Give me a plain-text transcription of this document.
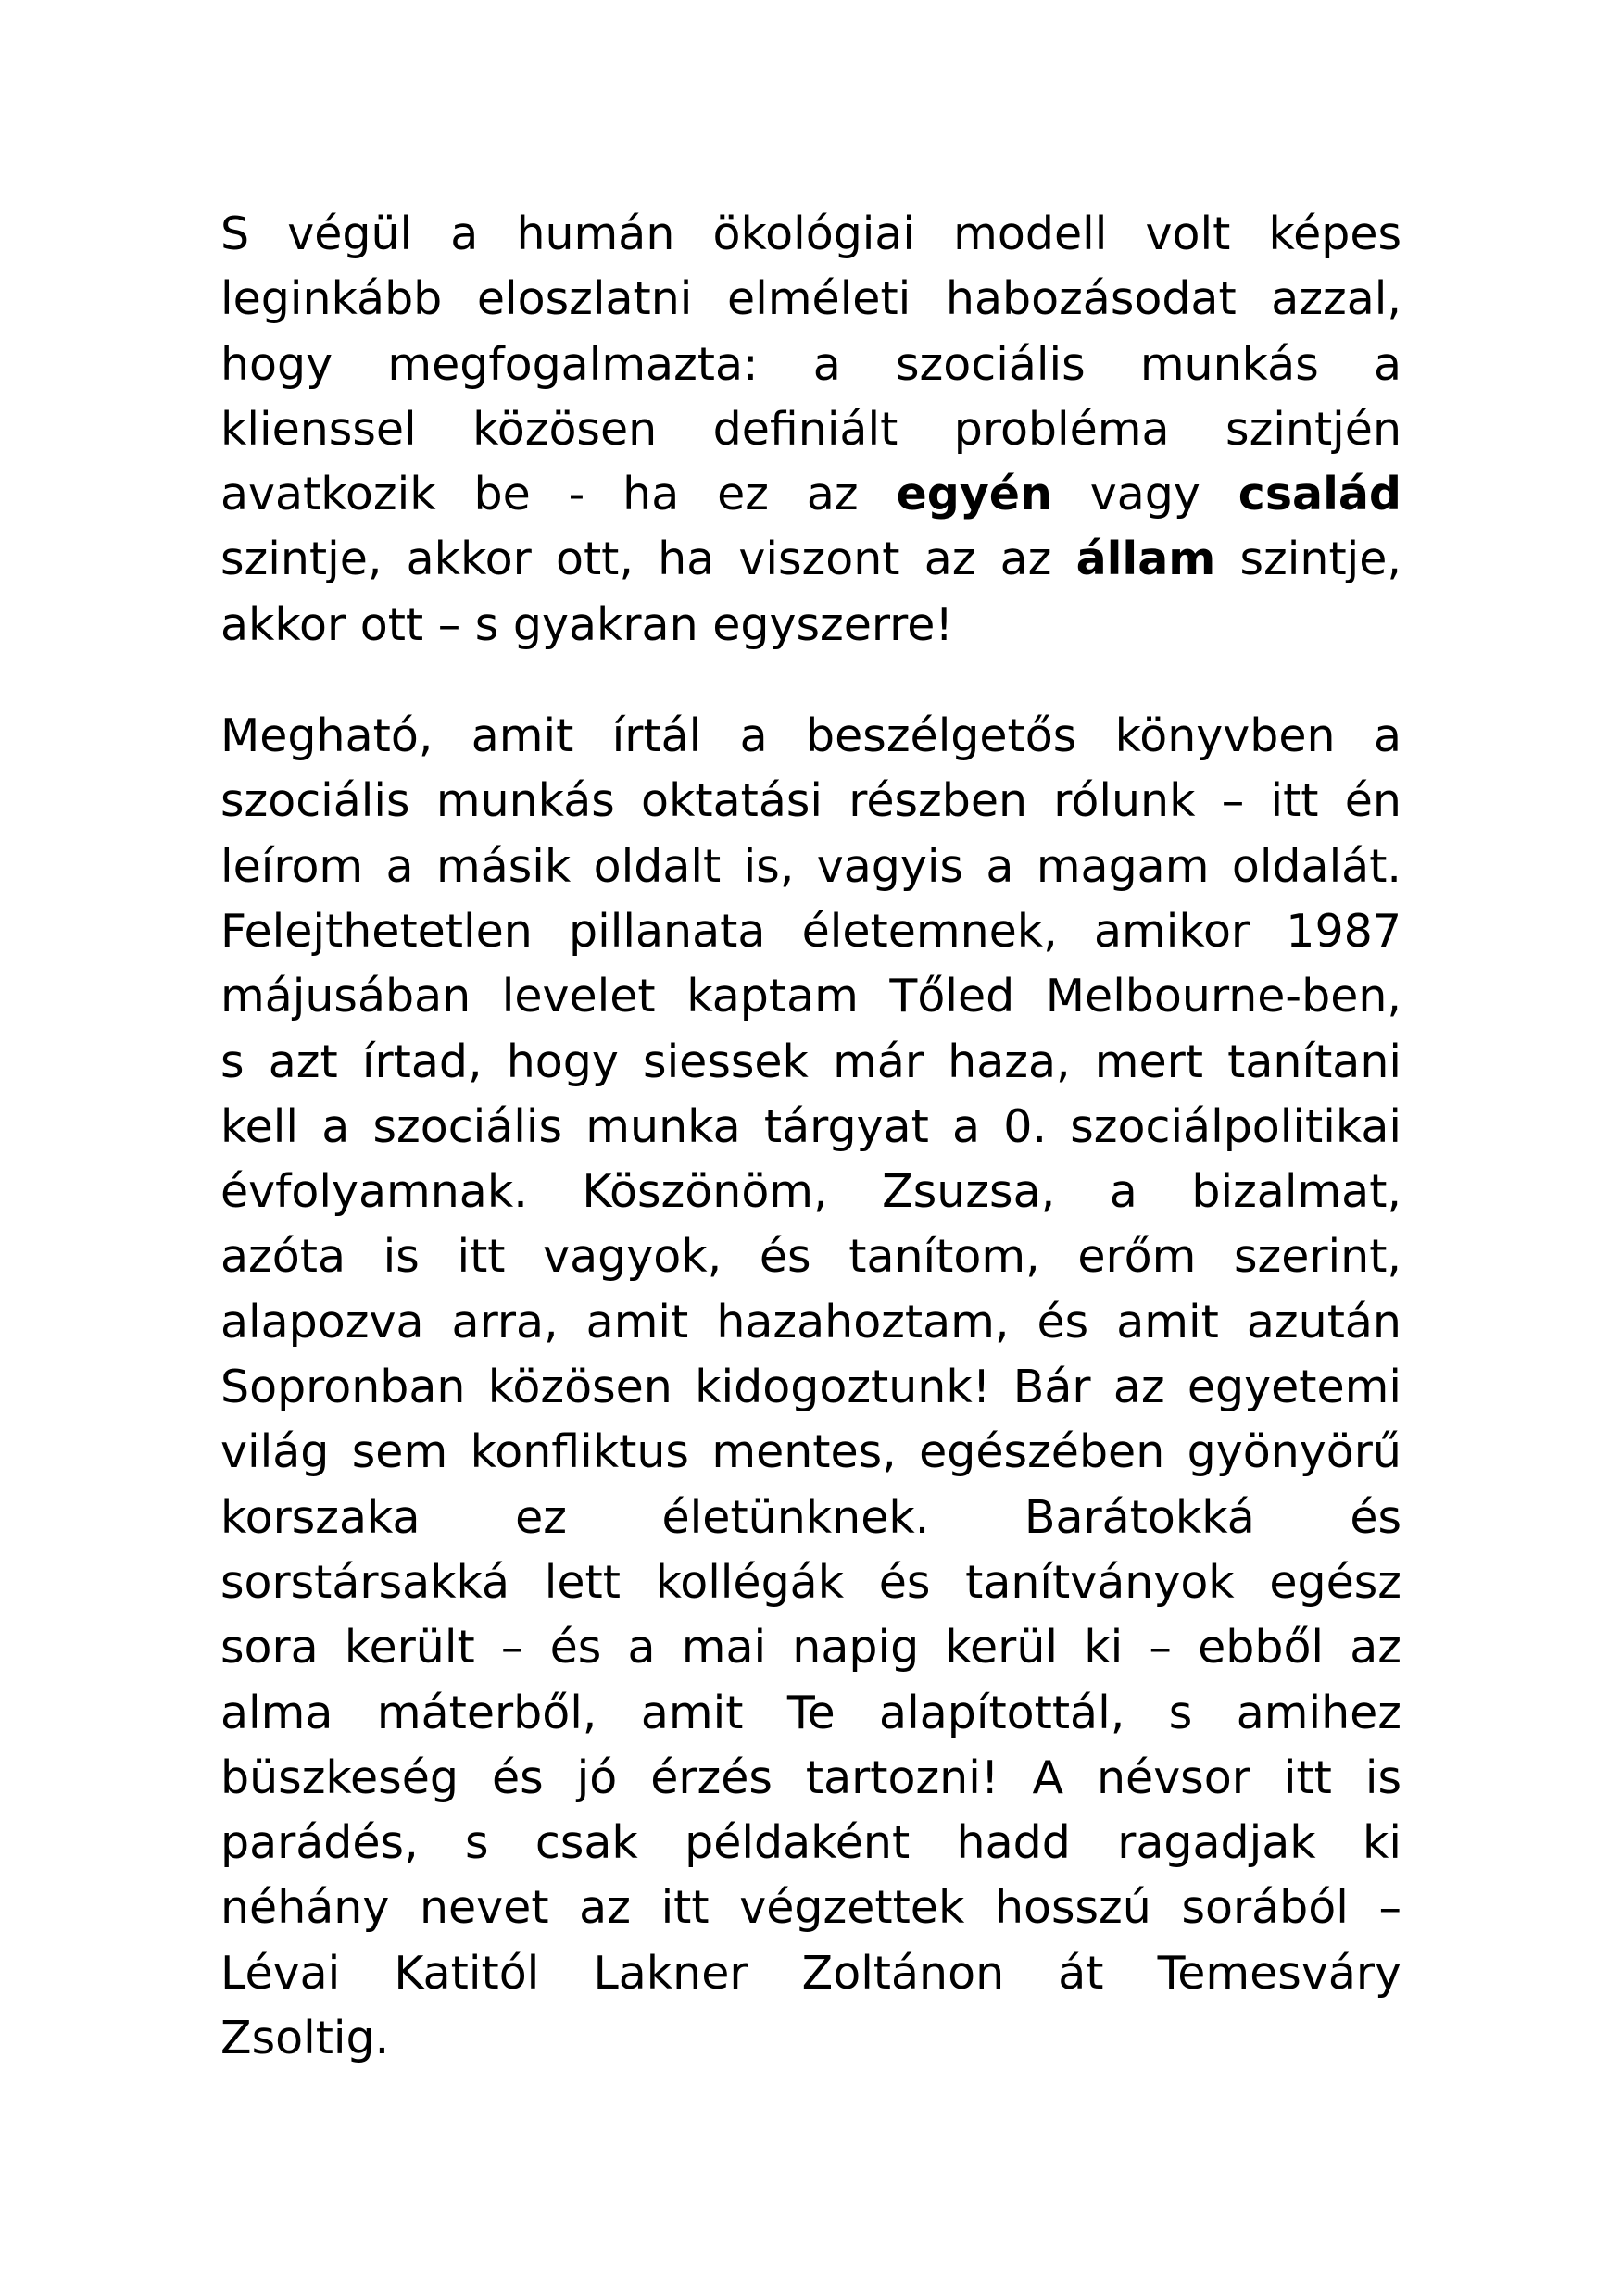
S végül a humán ökológiai modell volt képes
leginkább eloszlatni elméleti habozásodat azzal,
hogy megfogalmazta: a szociális munkás a
klienssel közösen definiált probléma szintjén
avatkozik be - ha ez az egyén vagy család
szintje, akkor ott, ha viszont az az állam szintje,
akkor ott – s gyakran egyszerre!

Megható, amit írtál a beszélgetős könyvben a
szociális munkás oktatási részben rólunk – itt én
leírom a másik oldalt is, vagyis a magam oldalát.
Felejthetetlen pillanata életemnek, amikor 1987
májusában levelet kaptam Tőled Melbourne-ben,
s azt írtad, hogy siessek már haza, mert tanítani
kell a szociális munka tárgyat a 0. szociálpolitikai
évfolyamnak. Köszönöm, Zsuzsa, a bizalmat,
azóta is itt vagyok, és tanítom, erőm szerint,
alapozva arra, amit hazahoztam, és amit azután
Sopronban közösen kidogoztunk! Bár az egyetemi
világ sem konfliktus mentes, egészében gyönyörű
korszaka ez életünknek. Barátokká és
sorstársakká lett kollégák és tanítványok egész
sora került – és a mai napig kerül ki – ebből az
alma máterből, amit Te alapítottál, s amihez
büszkeség és jó érzés tartozni! A névsor itt is
parádés, s csak példaként hadd ragadjak ki
néhány nevet az itt végzettek hosszú sorából –
Lévai Katitól Lakner Zoltánon át Temesváry
Zsoltig.
